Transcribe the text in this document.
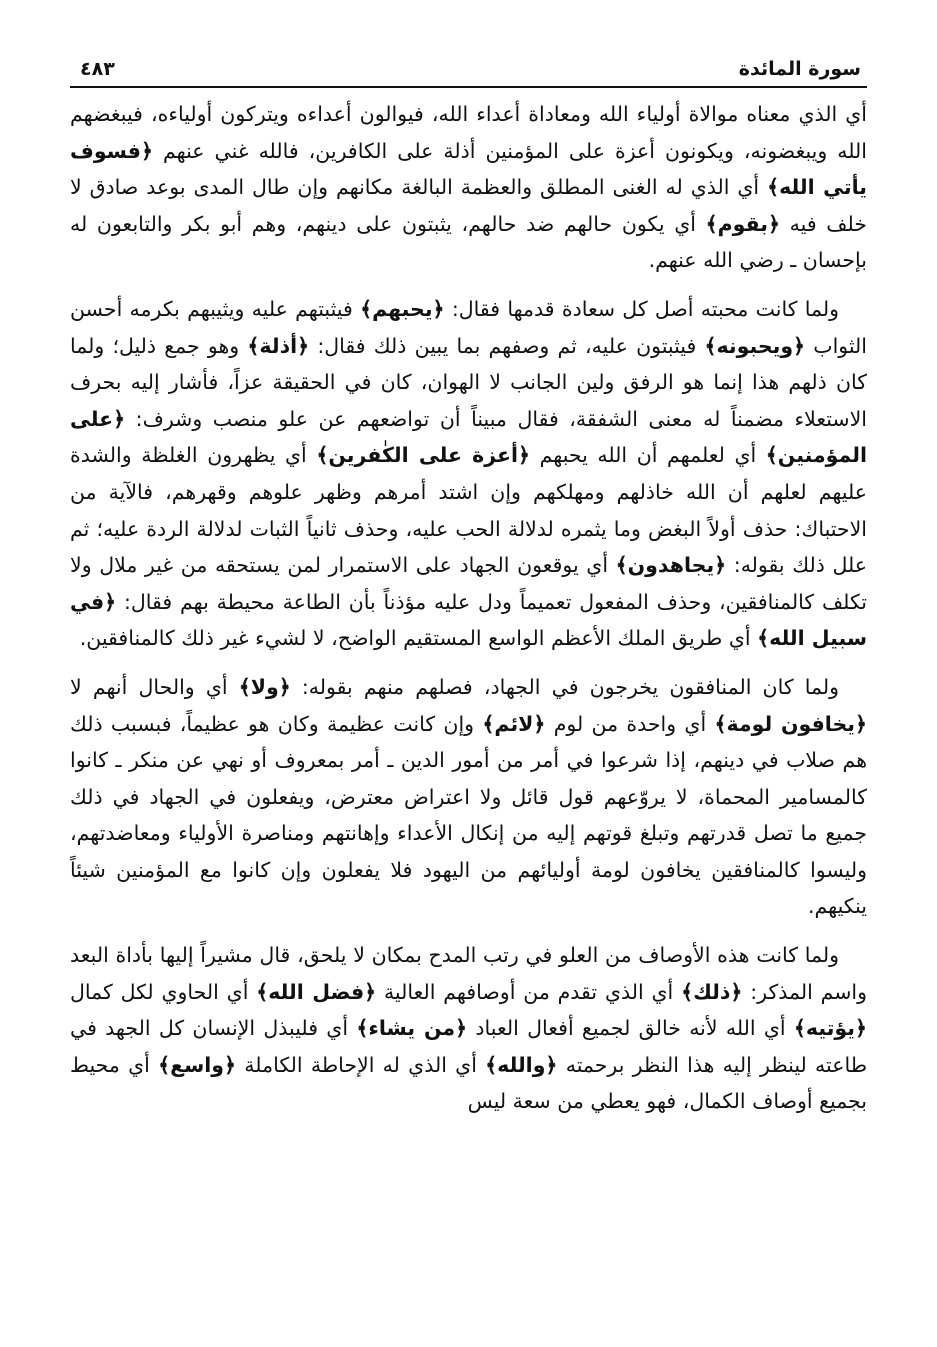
سورة المائدة
٤٨٣

أي الذي معناه موالاة أولياء الله ومعاداة أعداء الله، فيوالون أعداءه ويتركون أولياءه، فيبغضهم الله ويبغضونه، ويكونون أعزة على المؤمنين أذلة على الكافرين، فالله غني عنهم ﴿فسوف يأتي الله﴾ أي الذي له الغنى المطلق والعظمة البالغة مكانهم وإن طال المدى بوعد صادق لا خلف فيه ﴿بقوم﴾ أي يكون حالهم ضد حالهم، يثبتون على دينهم، وهم أبو بكر والتابعون له بإحسان ـ رضي الله عنهم.

ولما كانت محبته أصل كل سعادة قدمها فقال: ﴿يحبهم﴾ فيثبتهم عليه ويثيبهم بكرمه أحسن الثواب ﴿ويحبونه﴾ فيثبتون عليه، ثم وصفهم بما يبين ذلك فقال: ﴿أذلة﴾ وهو جمع ذليل؛ ولما كان ذلهم هذا إنما هو الرفق ولين الجانب لا الهوان، كان في الحقيقة عزاً، فأشار إليه بحرف الاستعلاء مضمناً له معنى الشفقة، فقال مبيناً أن تواضعهم عن علو منصب وشرف: ﴿على المؤمنين﴾ أي لعلمهم أن الله يحبهم ﴿أعزة على الكٰفرين﴾ أي يظهرون الغلظة والشدة عليهم لعلهم أن الله خاذلهم ومهلكهم وإن اشتد أمرهم وظهر علوهم وقهرهم، فالآية من الاحتباك: حذف أولاً البغض وما يثمره لدلالة الحب عليه، وحذف ثانياً الثبات لدلالة الردة عليه؛ ثم علل ذلك بقوله: ﴿يجاهدون﴾ أي يوقعون الجهاد على الاستمرار لمن يستحقه من غير ملال ولا تكلف كالمنافقين، وحذف المفعول تعميماً ودل عليه مؤذناً بأن الطاعة محيطة بهم فقال: ﴿في سبيل الله﴾ أي طريق الملك الأعظم الواسع المستقيم الواضح، لا لشيء غير ذلك كالمنافقين.

ولما كان المنافقون يخرجون في الجهاد، فصلهم منهم بقوله: ﴿ولا﴾ أي والحال أنهم لا ﴿يخافون لومة﴾ أي واحدة من لوم ﴿لائم﴾ وإن كانت عظيمة وكان هو عظيماً، فبسبب ذلك هم صلاب في دينهم، إذا شرعوا في أمر من أمور الدين ـ أمر بمعروف أو نهي عن منكر ـ كانوا كالمسامير المحماة، لا يروّعهم قول قائل ولا اعتراض معترض، ويفعلون في الجهاد في ذلك جميع ما تصل قدرتهم وتبلغ قوتهم إليه من إنكال الأعداء وإهانتهم ومناصرة الأولياء ومعاضدتهم، وليسوا كالمنافقين يخافون لومة أوليائهم من اليهود فلا يفعلون وإن كانوا مع المؤمنين شيئاً ينكيهم.

ولما كانت هذه الأوصاف من العلو في رتب المدح بمكان لا يلحق، قال مشيراً إليها بأداة البعد واسم المذكر: ﴿ذلك﴾ أي الذي تقدم من أوصافهم العالية ﴿فضل الله﴾ أي الحاوي لكل كمال ﴿يؤتيه﴾ أي الله لأنه خالق لجميع أفعال العباد ﴿من يشاء﴾ أي فليبذل الإنسان كل الجهد في طاعته لينظر إليه هذا النظر برحمته ﴿والله﴾ أي الذي له الإحاطة الكاملة ﴿واسع﴾ أي محيط بجميع أوصاف الكمال، فهو يعطي من سعة ليس
